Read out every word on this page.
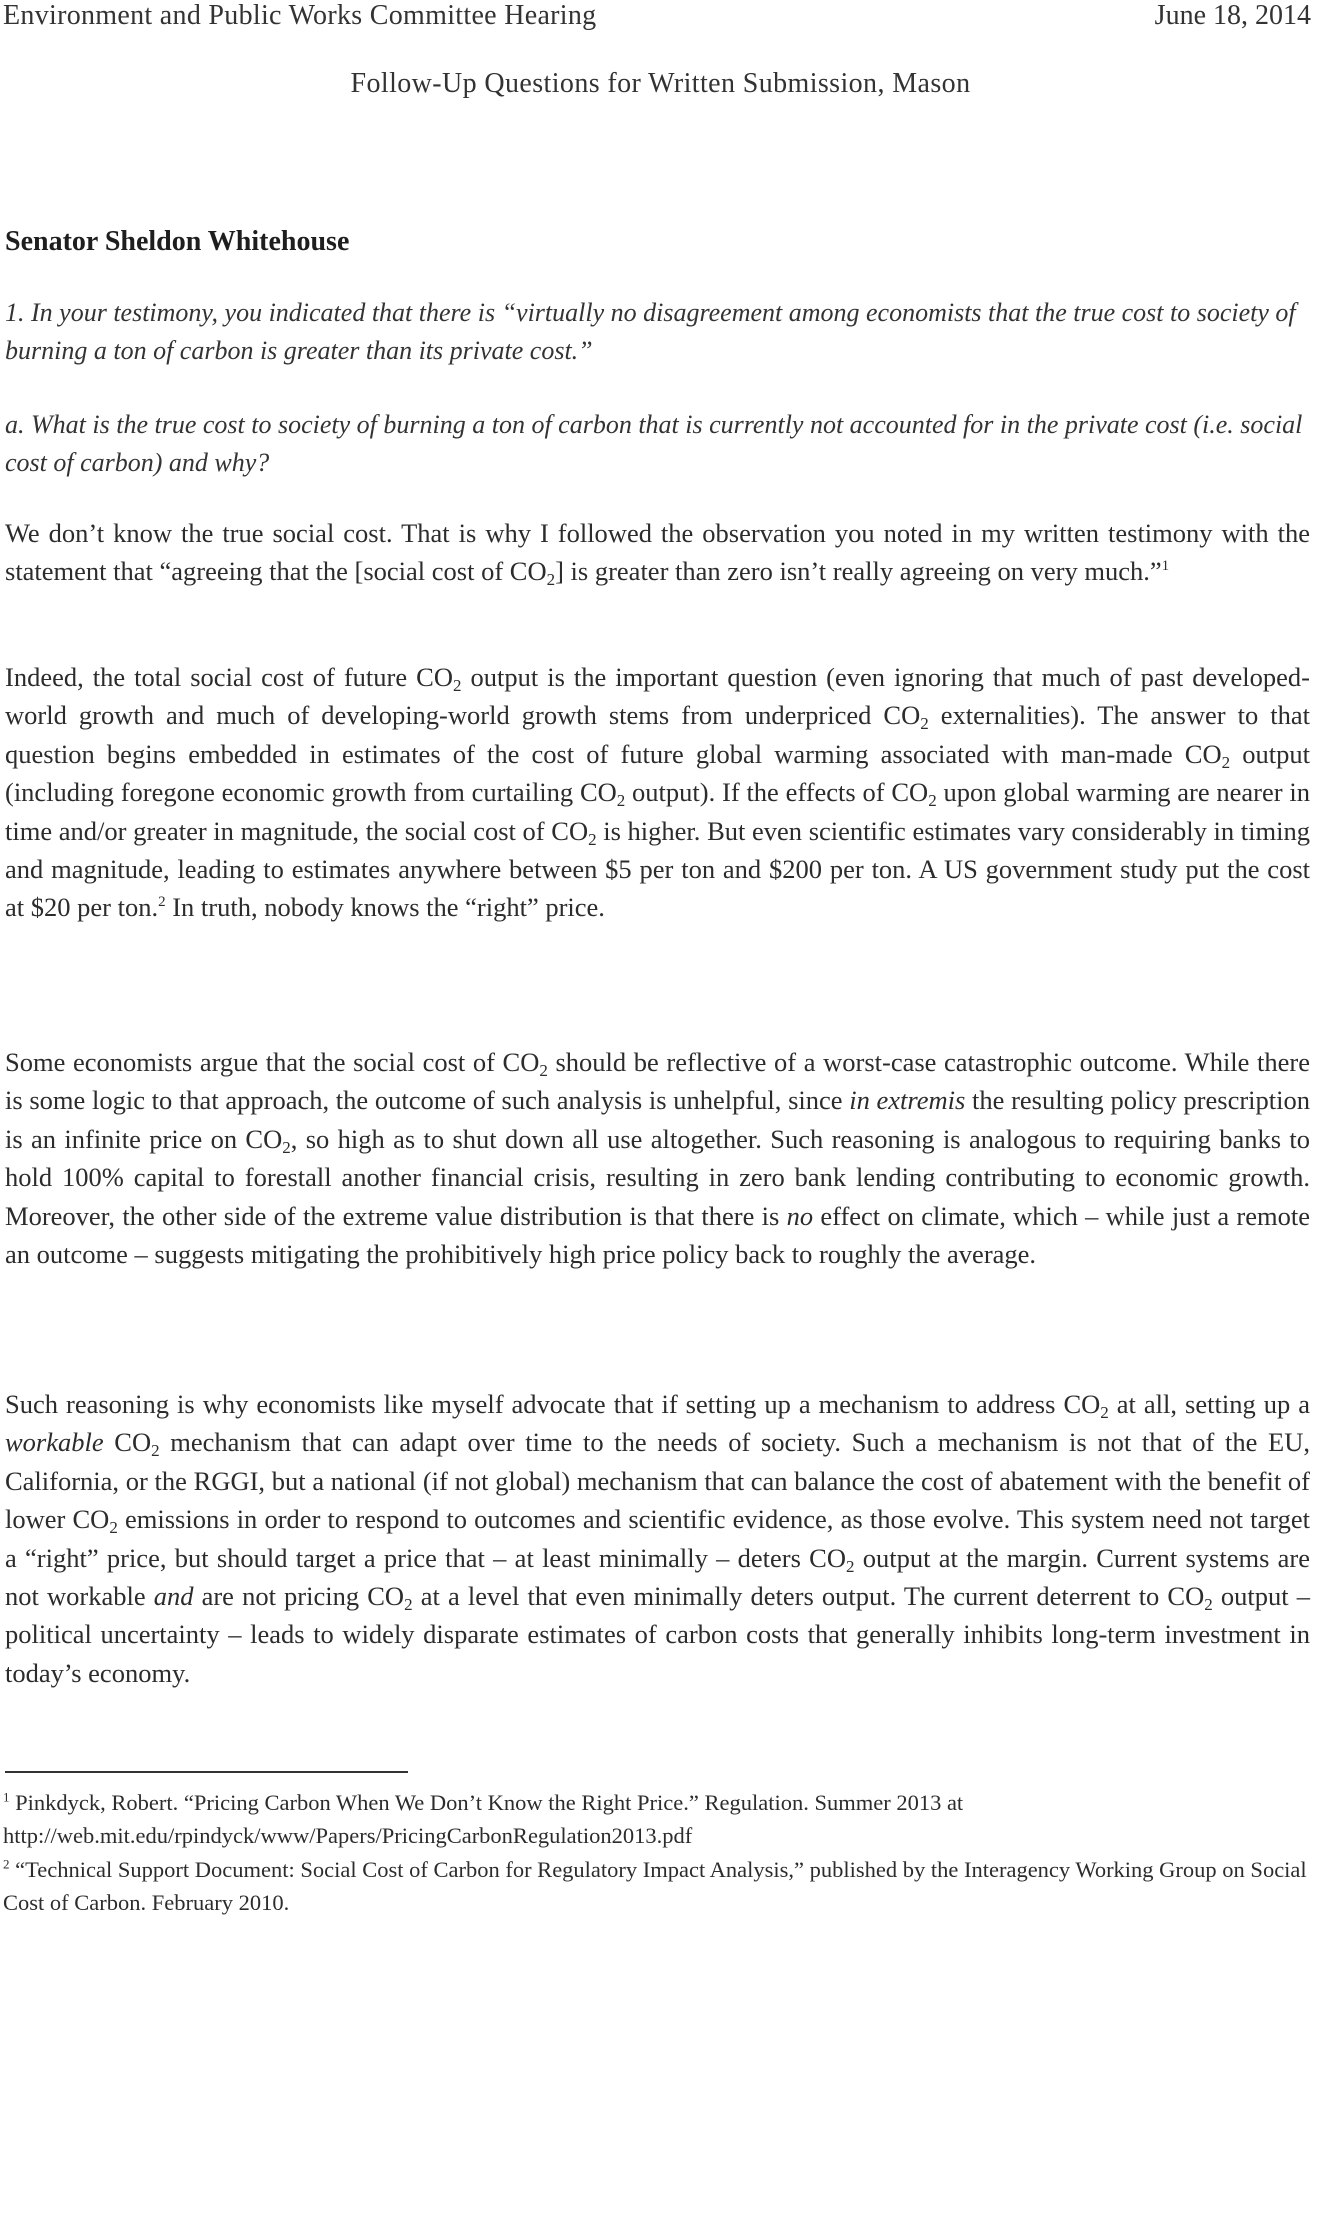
Environment and Public Works Committee Hearing	June 18, 2014
Follow-Up Questions for Written Submission, Mason
Senator Sheldon Whitehouse
1. In your testimony, you indicated that there is “virtually no disagreement among economists that the true cost to society of burning a ton of carbon is greater than its private cost.”
a. What is the true cost to society of burning a ton of carbon that is currently not accounted for in the private cost (i.e. social cost of carbon) and why?
We don’t know the true social cost. That is why I followed the observation you noted in my written testimony with the statement that “agreeing that the [social cost of $CO_2$] is greater than zero isn’t really agreeing on very much.”$^1$
Indeed, the total social cost of future $CO_2$ output is the important question (even ignoring that much of past developed-world growth and much of developing-world growth stems from underpriced $CO_2$ externalities). The answer to that question begins embedded in estimates of the cost of future global warming associated with man-made $CO_2$ output (including foregone economic growth from curtailing $CO_2$ output). If the effects of $CO_2$ upon global warming are nearer in time and/or greater in magnitude, the social cost of $CO_2$ is higher. But even scientific estimates vary considerably in timing and magnitude, leading to estimates anywhere between $5 per ton and $200 per ton. A US government study put the cost at $20 per ton.$^2$ In truth, nobody knows the “right” price.
Some economists argue that the social cost of $CO_2$ should be reflective of a worst-case catastrophic outcome. While there is some logic to that approach, the outcome of such analysis is unhelpful, since in extremis the resulting policy prescription is an infinite price on $CO_2$, so high as to shut down all use altogether. Such reasoning is analogous to requiring banks to hold 100% capital to forestall another financial crisis, resulting in zero bank lending contributing to economic growth. Moreover, the other side of the extreme value distribution is that there is no effect on climate, which – while just a remote an outcome – suggests mitigating the prohibitively high price policy back to roughly the average.
Such reasoning is why economists like myself advocate that if setting up a mechanism to address $CO_2$ at all, setting up a workable $CO_2$ mechanism that can adapt over time to the needs of society. Such a mechanism is not that of the EU, California, or the RGGI, but a national (if not global) mechanism that can balance the cost of abatement with the benefit of lower $CO_2$ emissions in order to respond to outcomes and scientific evidence, as those evolve. This system need not target a “right” price, but should target a price that – at least minimally – deters $CO_2$ output at the margin. Current systems are not workable and are not pricing $CO_2$ at a level that even minimally deters output. The current deterrent to $CO_2$ output – political uncertainty – leads to widely disparate estimates of carbon costs that generally inhibits long-term investment in today’s economy.
$^1$ Pinkdyck, Robert. “Pricing Carbon When We Don’t Know the Right Price.” Regulation. Summer 2013 at http://web.mit.edu/rpindyck/www/Papers/PricingCarbonRegulation2013.pdf
$^2$ “Technical Support Document: Social Cost of Carbon for Regulatory Impact Analysis,” published by the Interagency Working Group on Social Cost of Carbon. February 2010.
